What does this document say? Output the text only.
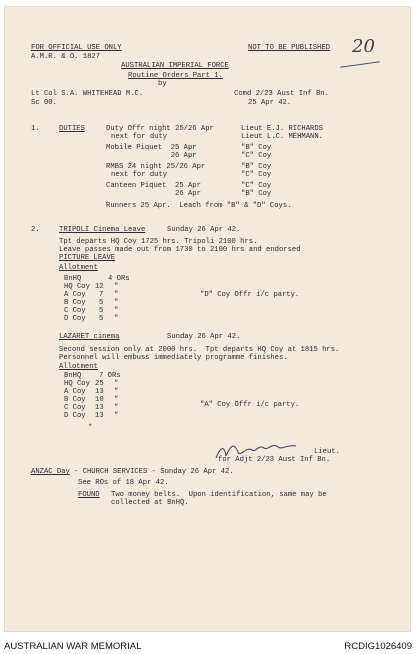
FOR OFFICIAL USE ONLY
A.M.R. & O. 1827
NOT TO BE PUBLISHED 20
AUSTRALIAN IMPERIAL FORCE
Routine Orders Part 1.
by
Lt Col S.A. WHITEHEAD M.C.	Comd 2/23 Aust Inf Bn.
Sc 00.	25 Apr 42.
1.	DUTIES	Duty Offr night 25/26 Apr	Lieut E.J. RICHARDS
next for duty	Lieut L.C. MEHMANN.
Mobile Piquet  25 Apr	"B" Coy
26 Apr	"C" Coy
RMBS 24 night 25/26 Apr	"B" Coy
next for duty	"C" Coy
Canteen Piquet  25 Apr	"C" Coy
26 Apr	"B" Coy
Runners 25 Apr.  Leach from "B" & "D" Coys.
2.	TRIPOLI Cinema Leave	Sunday 26 Apr 42.
Tpt departs HQ Coy 1725 hrs. Tripoli 2100 hrs.
Leave passes made out from 1730 to 2100 hrs and endorsed
PICTURE LEAVE
Allotment
BnHQ	4 ORs
HQ Coy 12 "
A Coy 7 "
B Coy 5 "
C Coy 5 "
D Coy 5 "
"D" Coy Offr i/c party.
LAZARET cinema	Sunday 26 Apr 42.
Second session only at 2000 hrs.  Tpt departs HQ Coy at 1815 hrs.
Personnel will embuss immediately programme finishes.
Allotment
BnHQ 7 ORs
HQ Coy 25 "
A Coy 13 "
B Coy 10 "
C Coy 13 "
D Coy 13 "
"A" Coy Offr i/c party.
*
Lieut.
for Adjt 2/23 Aust Inf Bn.
ANZAC Day - CHURCH SERVICES - Sunday 26 Apr 42.
See ROs of 18 Apr 42.
FOUND Two money belts.  Upon identification, same may be
collected at BnHQ.
AUSTRALIAN WAR MEMORIAL	RCDIG1026409
